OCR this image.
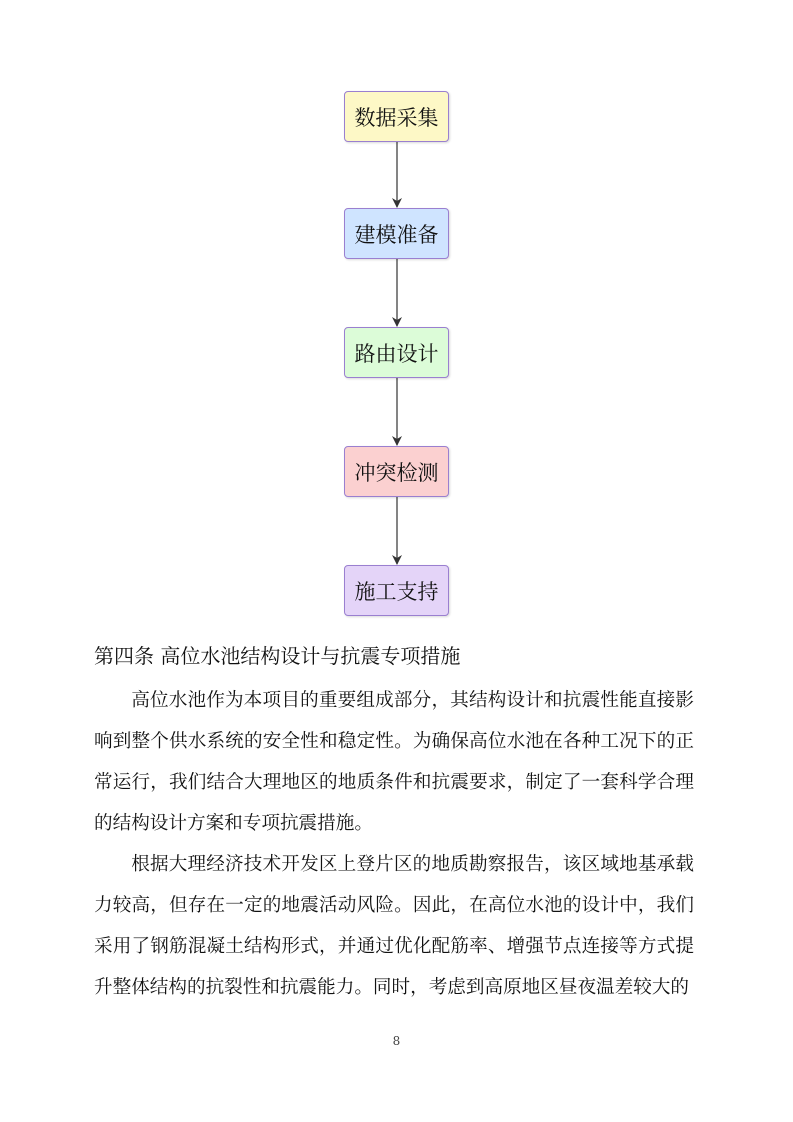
数据采集
建模准备
路由设计
冲突检测
施工支持
第四条 高位水池结构设计与抗震专项措施

高位水池作为本项目的重要组成部分，其结构设计和抗震性能直接影响到整个供水系统的安全性和稳定性。为确保高位水池在各种工况下的正常运行，我们结合大理地区的地质条件和抗震要求，制定了一套科学合理的结构设计方案和专项抗震措施。

根据大理经济技术开发区上登片区的地质勘察报告，该区域地基承载力较高，但存在一定的地震活动风险。因此，在高位水池的设计中，我们采用了钢筋混凝土结构形式，并通过优化配筋率、增强节点连接等方式提升整体结构的抗裂性和抗震能力。同时，考虑到高原地区昼夜温差较大的

8
